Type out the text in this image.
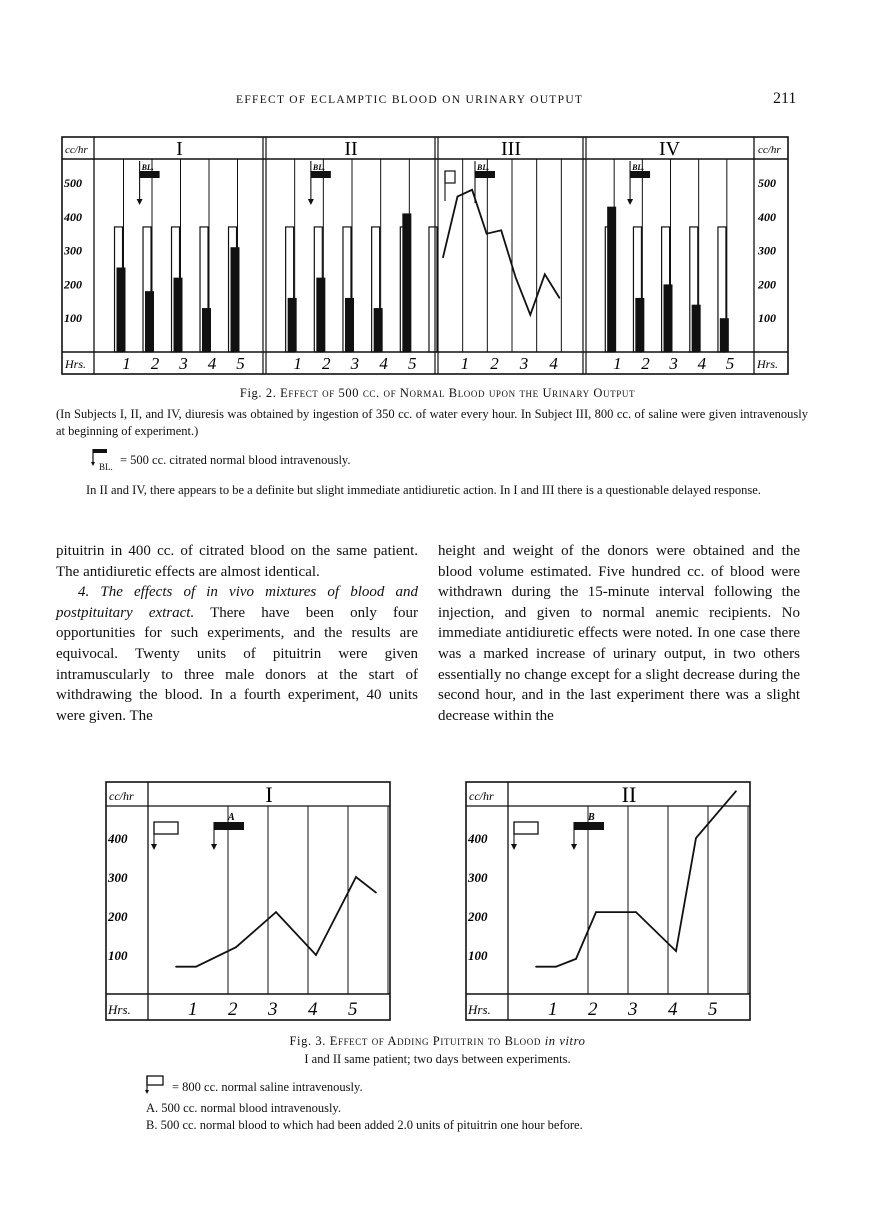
EFFECT OF ECLAMPTIC BLOOD ON URINARY OUTPUT	211
cc/hr	cc/hr
Hrs.	Hrs.
500	500
400	400
300	300
200	200
100	100
I
1 2 3 4 5
BL.
II
1 2 3 4 5
BL.
III
1 2 3 4
BL.
IV
1 2 3 4 5
BL.
Fig. 2. Effect of 500 cc. of Normal Blood upon the Urinary Output
(In Subjects I, II, and IV, diuresis was obtained by ingestion of 350 cc. of water every hour. In Subject III, 800 cc. of saline were given intravenously at beginning of experiment.)
= 500 cc. citrated normal blood intravenously.
BL.
In II and IV, there appears to be a definite but slight immediate antidiuretic action. In I and III there is a questionable delayed response.

pituitrin in 400 cc. of citrated blood on the same patient. The antidiuretic effects are almost identical.

4. The effects of in vivo mixtures of blood and postpituitary extract. There have been only four opportunities for such experiments, and the results are equivocal. Twenty units of pituitrin were given intramuscularly to three male donors at the start of withdrawing the blood. In a fourth experiment, 40 units were given. The

height and weight of the donors were obtained and the blood volume estimated. Five hundred cc. of blood were withdrawn during the 15-minute interval following the injection, and given to normal anemic recipients. No immediate antidiuretic effects were noted. In one case there was a marked increase of urinary output, in two others essentially no change except for a slight decrease during the second hour, and in the last experiment there was a slight decrease within the

cc/hr
Hrs.
I
400
300
200
100
1 2 3 4 5
A
cc/hr
Hrs.
II
400
300
200
100
1 2 3 4 5
B
Fig. 3. Effect of Adding Pituitrin to Blood in vitro
I and II same patient; two days between experiments.
= 800 cc. normal saline intravenously.
A. 500 cc. normal blood intravenously.
B. 500 cc. normal blood to which had been added 2.0 units of pituitrin one hour before.
